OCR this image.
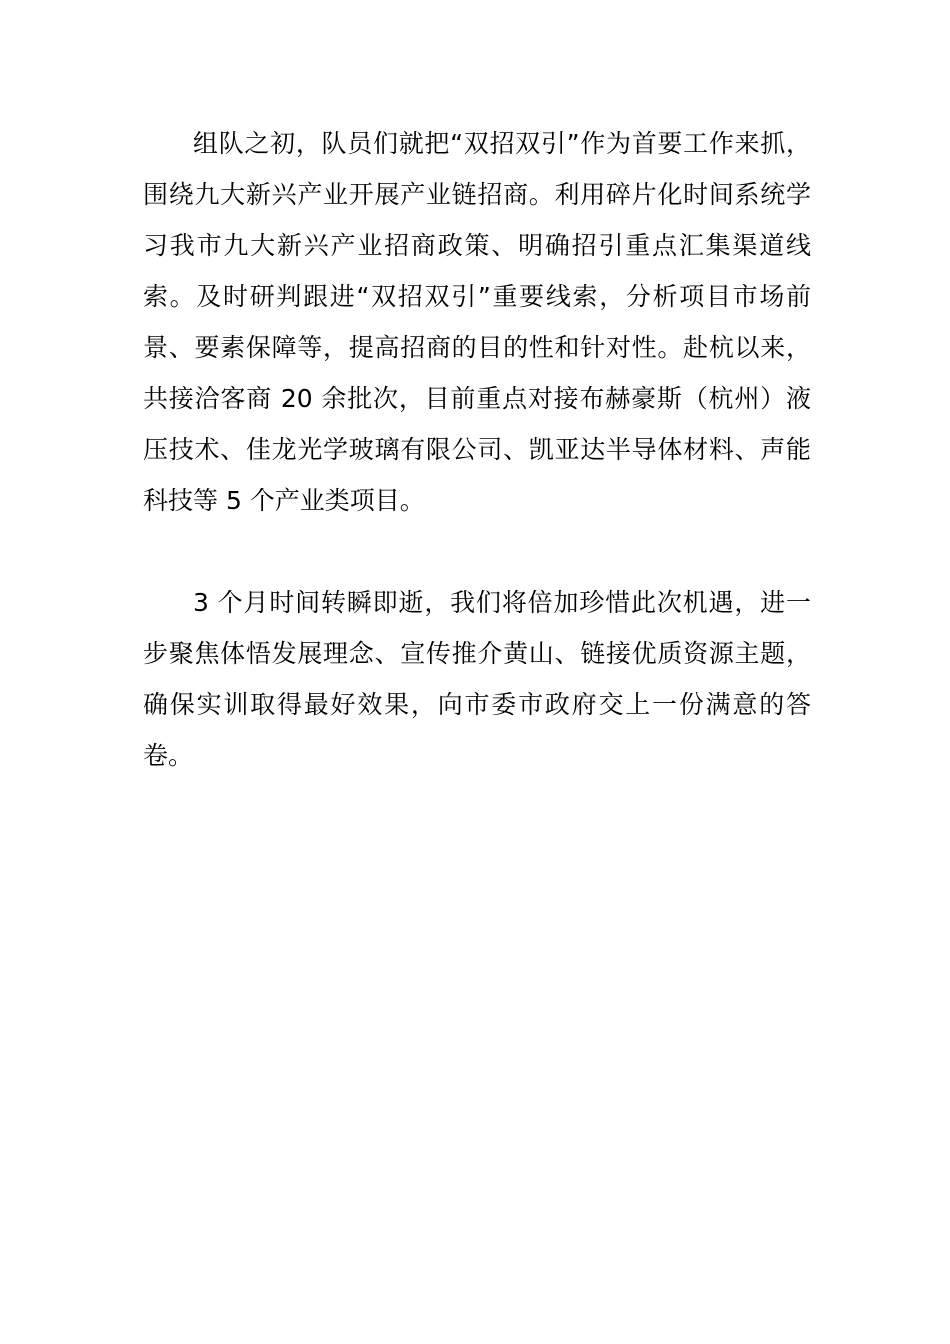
组队之初，队员们就把“双招双引”作为首要工作来抓，围绕九大新兴产业开展产业链招商。利用碎片化时间系统学习我市九大新兴产业招商政策、明确招引重点汇集渠道线索。及时研判跟进“双招双引”重要线索，分析项目市场前景、要素保障等，提高招商的目的性和针对性。赴杭以来，共接洽客商 20 余批次，目前重点对接布赫豪斯（杭州）液压技术、佳龙光学玻璃有限公司、凯亚达半导体材料、声能科技等 5 个产业类项目。

3 个月时间转瞬即逝，我们将倍加珍惜此次机遇，进一步聚焦体悟发展理念、宣传推介黄山、链接优质资源主题，确保实训取得最好效果，向市委市政府交上一份满意的答卷。
